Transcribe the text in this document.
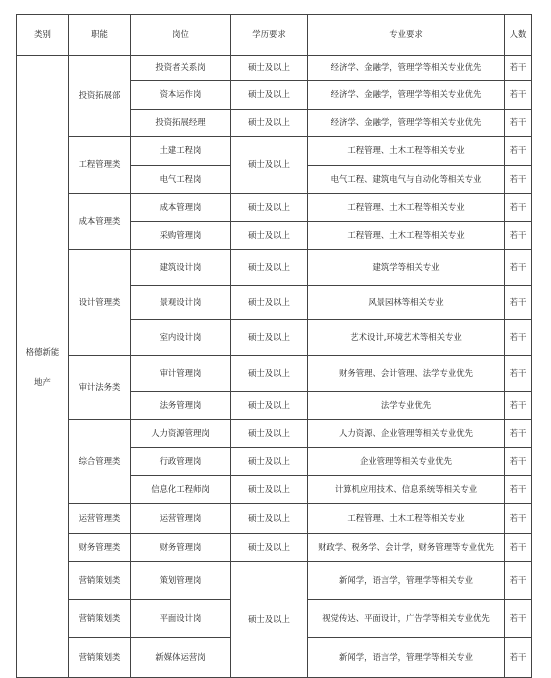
类别	职能	岗位	学历要求	专业要求	人数

格德新能
地产	投资拓展部	投资者关系岗	硕士及以上	经济学、金融学，管理学等相关专业优先	若干
		资本运作岗	硕士及以上	经济学、金融学，管理学等相关专业优先	若干
		投资拓展经理	硕士及以上	经济学、金融学，管理学等相关专业优先	若干
	工程管理类	土建工程岗	硕士及以上	工程管理、土木工程等相关专业	若干
		电气工程岗		电气工程、建筑电气与自动化等相关专业	若干
	成本管理类	成本管理岗	硕士及以上	工程管理、土木工程等相关专业	若干
		采购管理岗	硕士及以上	工程管理、土木工程等相关专业	若干
	设计管理类	建筑设计岗	硕士及以上	建筑学等相关专业	若干
		景观设计岗	硕士及以上	风景园林等相关专业	若干
		室内设计岗	硕士及以上	艺术设计,环境艺术等相关专业	若干
	审计法务类	审计管理岗	硕士及以上	财务管理、会计管理、法学专业优先	若干
		法务管理岗	硕士及以上	法学专业优先	若干
	综合管理类	人力资源管理岗	硕士及以上	人力资源、企业管理等相关专业优先	若干
		行政管理岗	硕士及以上	企业管理等相关专业优先	若干
		信息化工程师岗	硕士及以上	计算机应用技术、信息系统等相关专业	若干
	运营管理类	运营管理岗	硕士及以上	工程管理、土木工程等相关专业	若干
	财务管理类	财务管理岗	硕士及以上	财政学、税务学、会计学，财务管理等专业优先	若干
	营销策划类	策划管理岗	硕士及以上	新闻学，语言学，管理学等相关专业	若干
	营销策划类	平面设计岗		视觉传达、平面设计，广告学等相关专业优先	若干
	营销策划类	新媒体运营岗		新闻学，语言学，管理学等相关专业	若干
